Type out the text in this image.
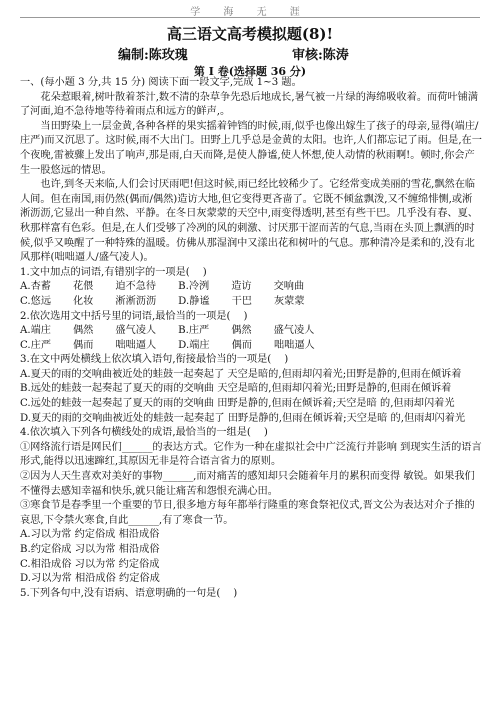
学 海 无 涯
高三语文高考模拟题(8)!
编制:陈玫瑰	审核:陈涛
第 I 卷(选择题 36 分)

一、(每小题 3 分,共 15 分) 阅读下面一段文字,完成 1~3 题。

花朵惹眼着,树叶散着茶汁,数不清的杂草争先恐后地成长,暑气被一片绿的海绵吸收着。而荷叶铺满了河面,迫不急待地等待着雨点和远方的鲜声,。

当田野染上一层金黄,各种各样的果实摇着钟铛的时候,雨,似乎也像出嫁生了孩子的母亲,显得(端庄/庄严)而又沉思了。这时候,雨不大出门。田野上几乎总是金黄的太阳。也许,人们都忘记了雨。但是,在一个夜晚,雷被骤上发出了响声,那是雨,白天而降,是使人静谧,使人怀想,使人动情的秋雨啊!。顿时,你会产生一股悠远的情思。

也许,到冬天来临,人们会讨厌雨吧!但这时候,雨已经比较稀少了。它经常变成美丽的雪花,飘然在临人间。但在南国,雨仍然(偶而/偶然)造访大地,但它变得更吝啬了。它既不倾盆飘泼,又不缠绵悱恻,或淅淅沥沥,它显出一种自然、平静。在冬日灰蒙蒙的天空中,雨变得透明,甚至有些干巴。几乎没有春、夏、秋那样富有色彩。但是,在人们受够了冷冽的风的刺激、讨厌那干涩而苦的气息,当雨在头顶上飘洒的时候,似乎又唤醒了一种特殊的温暖。仿佛从那湿润中又漾出花和树叶的气息。那种清冷是柔和的,没有北风那样(咄咄逼人/盛气凌人)。

1.文中加点的词语,有错别字的一项是( )

A.杏蓄 花偎 迫不急待 B.冷洌 造访 交响曲

C.悠远 化妆 淅淅沥沥 D.静谧 干巴 灰蒙蒙

2.依次选用文中括号里的词语,最恰当的一项是( )

A.端庄 偶然 盛气凌人 B.庄严 偶然 盛气凌人

C.庄严 偶而 咄咄逼人 D.端庄 偶而 咄咄逼人

3.在文中两处横线上依次填入语句,衔接最恰当的一项是( )

A.夏天的雨的交响曲被近处的蛙鼓一起奏起了 天空是暗的,但雨却闪着光;田野是静的,但雨在倾诉着

B.远处的蛙鼓一起奏起了夏天的雨的交响曲 天空是暗的,但雨却闪着光;田野是静的,但雨在倾诉着

C.远处的蛙鼓一起奏起了夏天的雨的交响曲 田野是静的,但雨在倾诉着;天空是暗 的,但雨却闪着光

D.夏天的雨的交响曲被近处的蛙鼓一起奏起了 田野是静的,但雨在倾诉着;天空是暗 的,但雨却闪着光

4.依次填入下列各句横线处的成语,最恰当的一组是( )

①网络流行语是网民们______的表达方式。它作为一种在虚拟社会中广泛流行并影响 到现实生活的语言形式,能得以迅速蹿红,其原因无非是符合语言省力的原则。

②因为人天生喜欢对美好的事物______,而对痛苦的感知却只会随着年月的累积而变得 敏锐。如果我们不懂得去感知幸福和快乐,就只能让痛苦和怨恨充满心田。

③寒食节是春季里一个重要的节日,很多地方每年都举行隆重的寒食祭祀仪式,晋文公为表达对介子推的哀思,下令禁火寒食,自此______,有了寒食一节。

A.习以为常 约定俗成 相沿成俗

B.约定俗成 习以为常 相沿成俗

C.相沿成俗 习以为常 约定俗成

D.习以为常 相沿成俗 约定俗成

5.下列各句中,没有语病、语意明确的一句是( )
